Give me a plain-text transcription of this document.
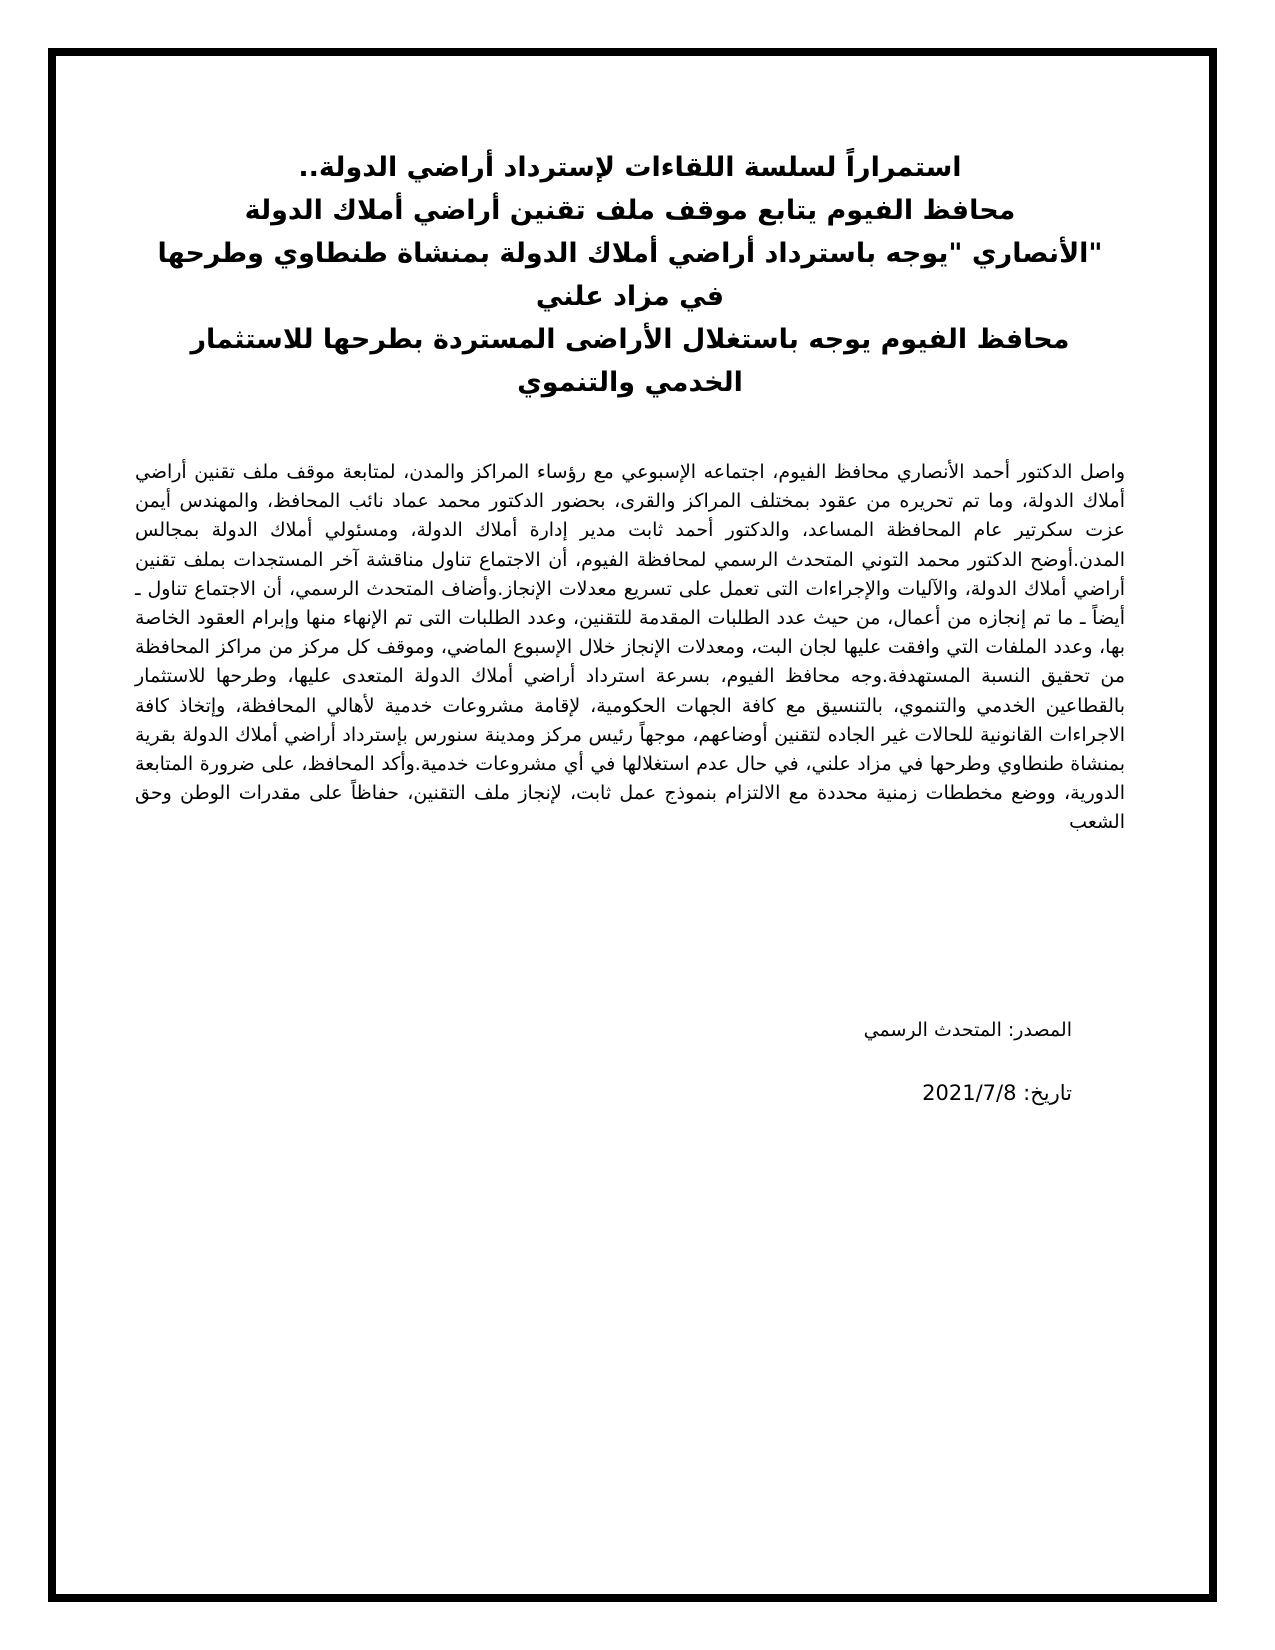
استمراراً لسلسة اللقاءات لإسترداد أراضي الدولة..
محافظ الفيوم يتابع موقف ملف تقنين أراضي أملاك الدولة
"الأنصاري "يوجه باسترداد أراضي أملاك الدولة بمنشاة طنطاوي وطرحها في مزاد علني
محافظ الفيوم يوجه باستغلال الأراضى المستردة بطرحها للاستثمار الخدمي والتنموي

واصل الدكتور أحمد الأنصاري محافظ الفيوم، اجتماعه الإسبوعي مع رؤساء المراكز والمدن، لمتابعة موقف ملف تقنين أراضي أملاك الدولة، وما تم تحريره من عقود بمختلف المراكز والقرى، بحضور الدكتور محمد عماد نائب المحافظ، والمهندس أيمن عزت سكرتير عام المحافظة المساعد، والدكتور أحمد ثابت مدير إدارة أملاك الدولة، ومسئولي أملاك الدولة بمجالس المدن.أوضح الدكتور محمد التوني المتحدث الرسمي لمحافظة الفيوم، أن الاجتماع تناول مناقشة آخر المستجدات بملف تقنين أراضي أملاك الدولة، والآليات والإجراءات التى تعمل على تسريع معدلات الإنجاز.وأضاف المتحدث الرسمي، أن الاجتماع تناول ـ أيضاً ـ ما تم إنجازه من أعمال، من حيث عدد الطلبات المقدمة للتقنين، وعدد الطلبات التى تم الإنهاء منها وإبرام العقود الخاصة بها، وعدد الملفات التي وافقت عليها لجان البت، ومعدلات الإنجاز خلال الإسبوع الماضي، وموقف كل مركز من مراكز المحافظة من تحقيق النسبة المستهدفة.وجه محافظ الفيوم، بسرعة استرداد أراضي أملاك الدولة المتعدى عليها، وطرحها للاستثمار بالقطاعين الخدمي والتنموي، بالتنسيق مع كافة الجهات الحكومية، لإقامة مشروعات خدمية لأهالي المحافظة، وإتخاذ كافة الاجراءات القانونية للحالات غير الجاده لتقنين أوضاعهم، موجهاً رئيس مركز ومدينة سنورس بإسترداد أراضي أملاك الدولة بقرية بمنشاة طنطاوي وطرحها في مزاد علني، في حال عدم استغلالها في أي مشروعات خدمية.وأكد المحافظ، على ضرورة المتابعة الدورية، ووضع مخططات زمنية محددة مع الالتزام بنموذج عمل ثابت، لإنجاز ملف التقنين، حفاظاً على مقدرات الوطن وحق الشعب

المصدر: المتحدث الرسمي

تاريخ: 2021/7/8
